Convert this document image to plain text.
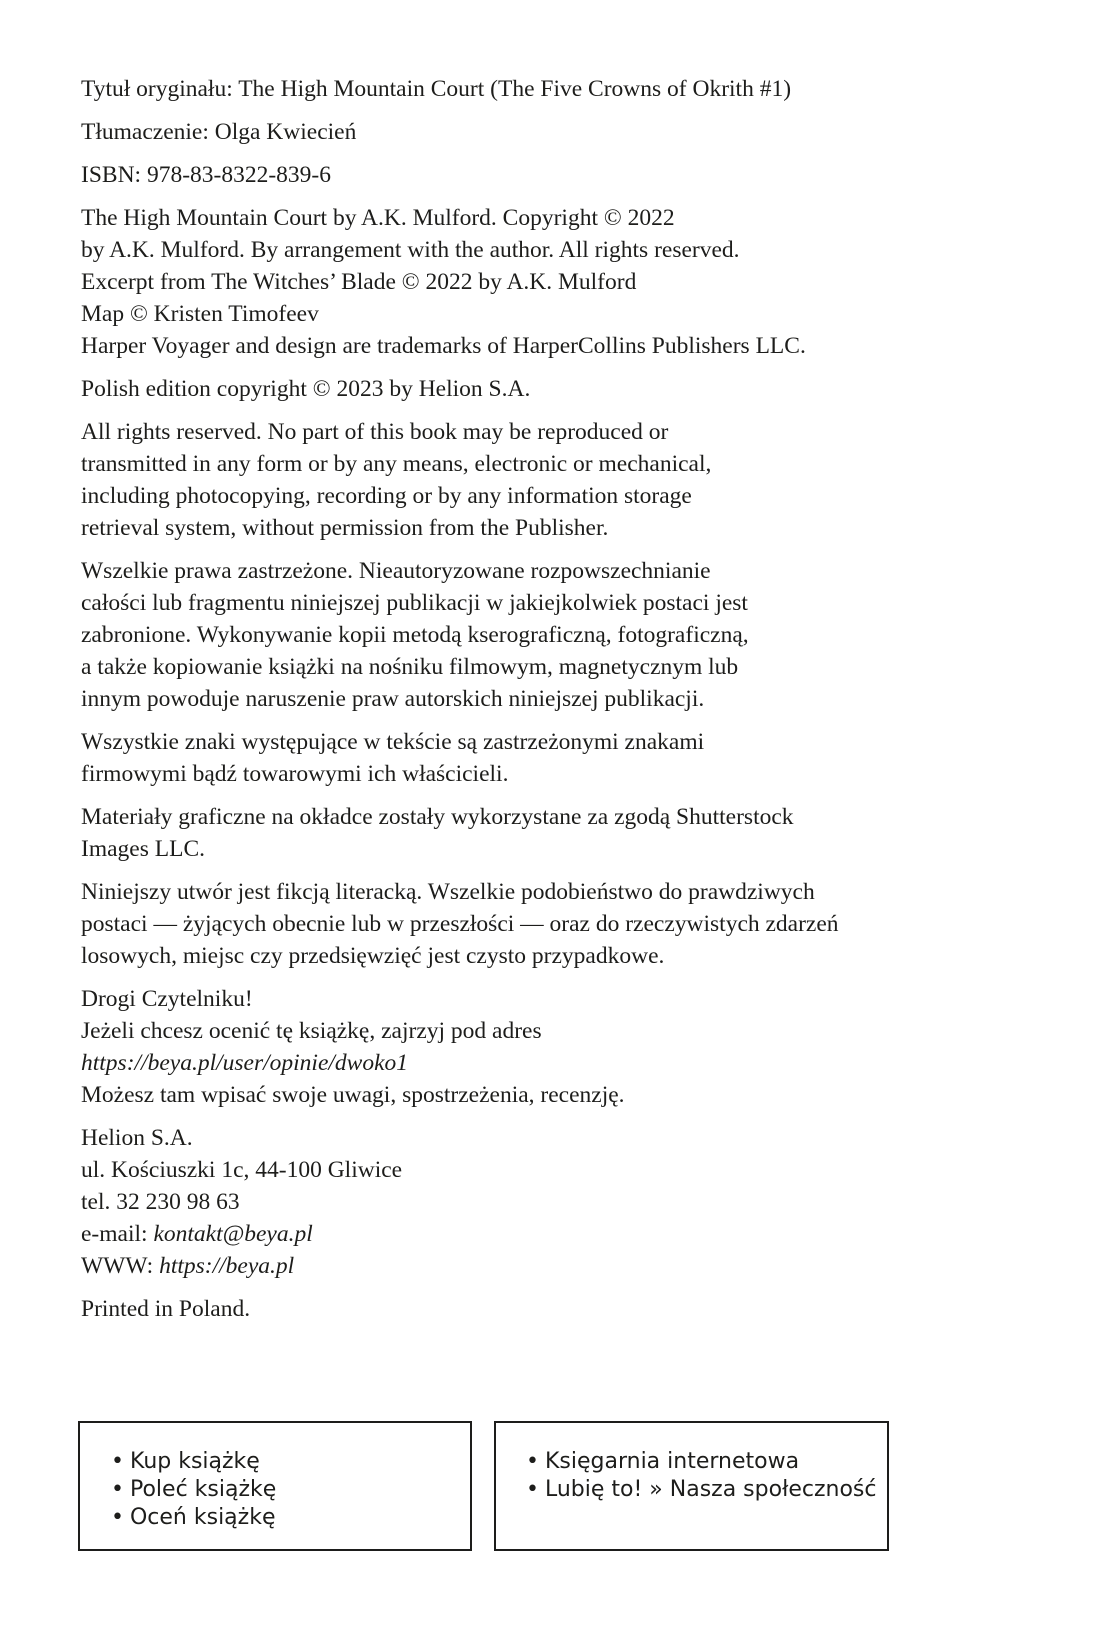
Tytuł oryginału: The High Mountain Court (The Five Crowns of Okrith #1)

Tłumaczenie: Olga Kwiecień

ISBN: 978-83-8322-839-6

The High Mountain Court by A.K. Mulford. Copyright © 2022
by A.K. Mulford. By arrangement with the author. All rights reserved.
Excerpt from The Witches’ Blade © 2022 by A.K. Mulford
Map © Kristen Timofeev
Harper Voyager and design are trademarks of HarperCollins Publishers LLC.

Polish edition copyright © 2023 by Helion S.A.

All rights reserved. No part of this book may be reproduced or
transmitted in any form or by any means, electronic or mechanical,
including photocopying, recording or by any information storage
retrieval system, without permission from the Publisher.

Wszelkie prawa zastrzeżone. Nieautoryzowane rozpowszechnianie
całości lub fragmentu niniejszej publikacji w jakiejkolwiek postaci jest
zabronione. Wykonywanie kopii metodą kserograficzną, fotograficzną,
a także kopiowanie książki na nośniku filmowym, magnetycznym lub
innym powoduje naruszenie praw autorskich niniejszej publikacji.

Wszystkie znaki występujące w tekście są zastrzeżonymi znakami
firmowymi bądź towarowymi ich właścicieli.

Materiały graficzne na okładce zostały wykorzystane za zgodą Shutterstock
Images LLC.

Niniejszy utwór jest fikcją literacką. Wszelkie podobieństwo do prawdziwych
postaci — żyjących obecnie lub w przeszłości — oraz do rzeczywistych zdarzeń
losowych, miejsc czy przedsięwzięć jest czysto przypadkowe.

Drogi Czytelniku!
Jeżeli chcesz ocenić tę książkę, zajrzyj pod adres
https://beya.pl/user/opinie/dwoko1
Możesz tam wpisać swoje uwagi, spostrzeżenia, recenzję.

Helion S.A.
ul. Kościuszki 1c, 44-100 Gliwice
tel. 32 230 98 63
e-mail: kontakt@beya.pl
WWW: https://beya.pl

Printed in Poland.

• Kup książkę
• Poleć książkę
• Oceń książkę
• Księgarnia internetowa
• Lubię to! » Nasza społeczność
